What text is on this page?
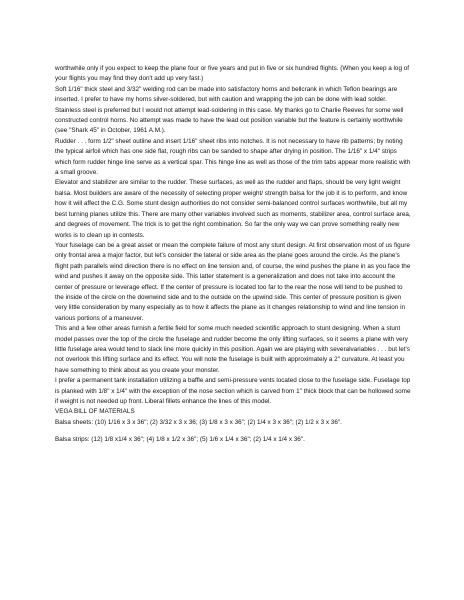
worthwhile only if you expect to keep the plane four or five years and put in five or six hundred flights. (When you keep a log of your flights you may find they don't add up very fast.)

Soft 1/16" thick steel and 3/32" welding rod can be made into satisfactory horns and bellcrank in which Teflon bearings are inserted. I prefer to have my horns silver-soldered, but with caution and wrapping the job can be done with lead solder. Stainless steel is preferred but I would not attempt lead-soldering in this case. My thanks go to Charlie Reeves for some well constructed control horns. No attempt was made to have the lead out position variable but the feature is certainly worthwhile (see "Shark 45" in October, 1961 A.M.).

Rudder . . . form 1/2" sheet outline and insert 1/16" sheet ribs into notches. It is not necessary to have rib patterns; by noting the typical airfoil which has one side flat, rough ribs can be sanded to shape after drying in position. The 1/16" x 1/4" strips which form rudder hinge line serve as a vertical spar. This hinge line as well as those of the trim tabs appear more realistic with a small groove.

Elevator and stabilizer are similar to the rudder. These surfaces, as well as the rudder and flaps, should be very light weight balsa. Most builders are aware of the necessity of selecting proper weight/ strength balsa for the job it is to perform, and know how it will affect the C.G. Some stunt design authorities do not consider semi-balanced control surfaces worthwhile, but all my best turning planes utilize this. There are many other variables involved such as moments, stabilizer area, control surface area, and degrees of movement. The trick is to get the right combination. So far the only way we can prove something really new works is to clean up in contests.

Your fuselage can be a great asset or mean the complete failure of most any stunt design. At first observation most of us figure only frontal area a major factor, but let's consider the lateral or side area as the plane goes around the circle. As the plane's flight path parallels wind direction there is no effect on line tension and, of course, the wind pushes the plane in as you face the wind and pushes it away on the opposite side. This latter statement is a generalization and does not take into account the center of pressure or leverage effect. If the center of pressure is located too far to the rear the nose will tend to be pushed to the inside of the circle on the downwind side and to the outside on the upwind side. This center of pressure position is given very little consideration by many especially as to how it affects the plane as it changes relationship to wind and line tension in various portions of a maneuver.

This and a few other areas furnish a fertile field for some much needed scientific approach to stunt designing. When a stunt model passes over the top of the circle the fuselage and rudder become the only lifting surfaces, so it seems a plane with very little fuselage area would tend to slack line more quickly in this position. Again we are playing with severalvariables . . . but let's not overlook this lifting surface and its effect. You will note the fuselage is built with approximately a 2" curvature. At least you have something to think about as you create your monster.

I prefer a permanent tank installation utilizing a baffle and semi-pressure vents located close to the fuselage side. Fuselage top is planked with 1/8" x 1/4" with the exception of the nose section which is carved from 1" thick block that can be hollowed some if weight is not needed up front. Liberal fillets enhance the lines of this model.

VEGA BILL OF MATERIALS

Balsa sheets: (10) 1/16 x 3 x 36"; (2) 3/32 x 3 x 36; (3) 1/8 x 3 x 36"; (2) 1/4 x 3 x 36"; (2) 1/2 x 3 x 36".

Balsa strips: (12) 1/8 x1/4 x 36"; (4) 1/8 x 1/2 x 36"; (5) 1/6 x 1/4 x 36"; (2) 1/4 x 1/4 x 36".
